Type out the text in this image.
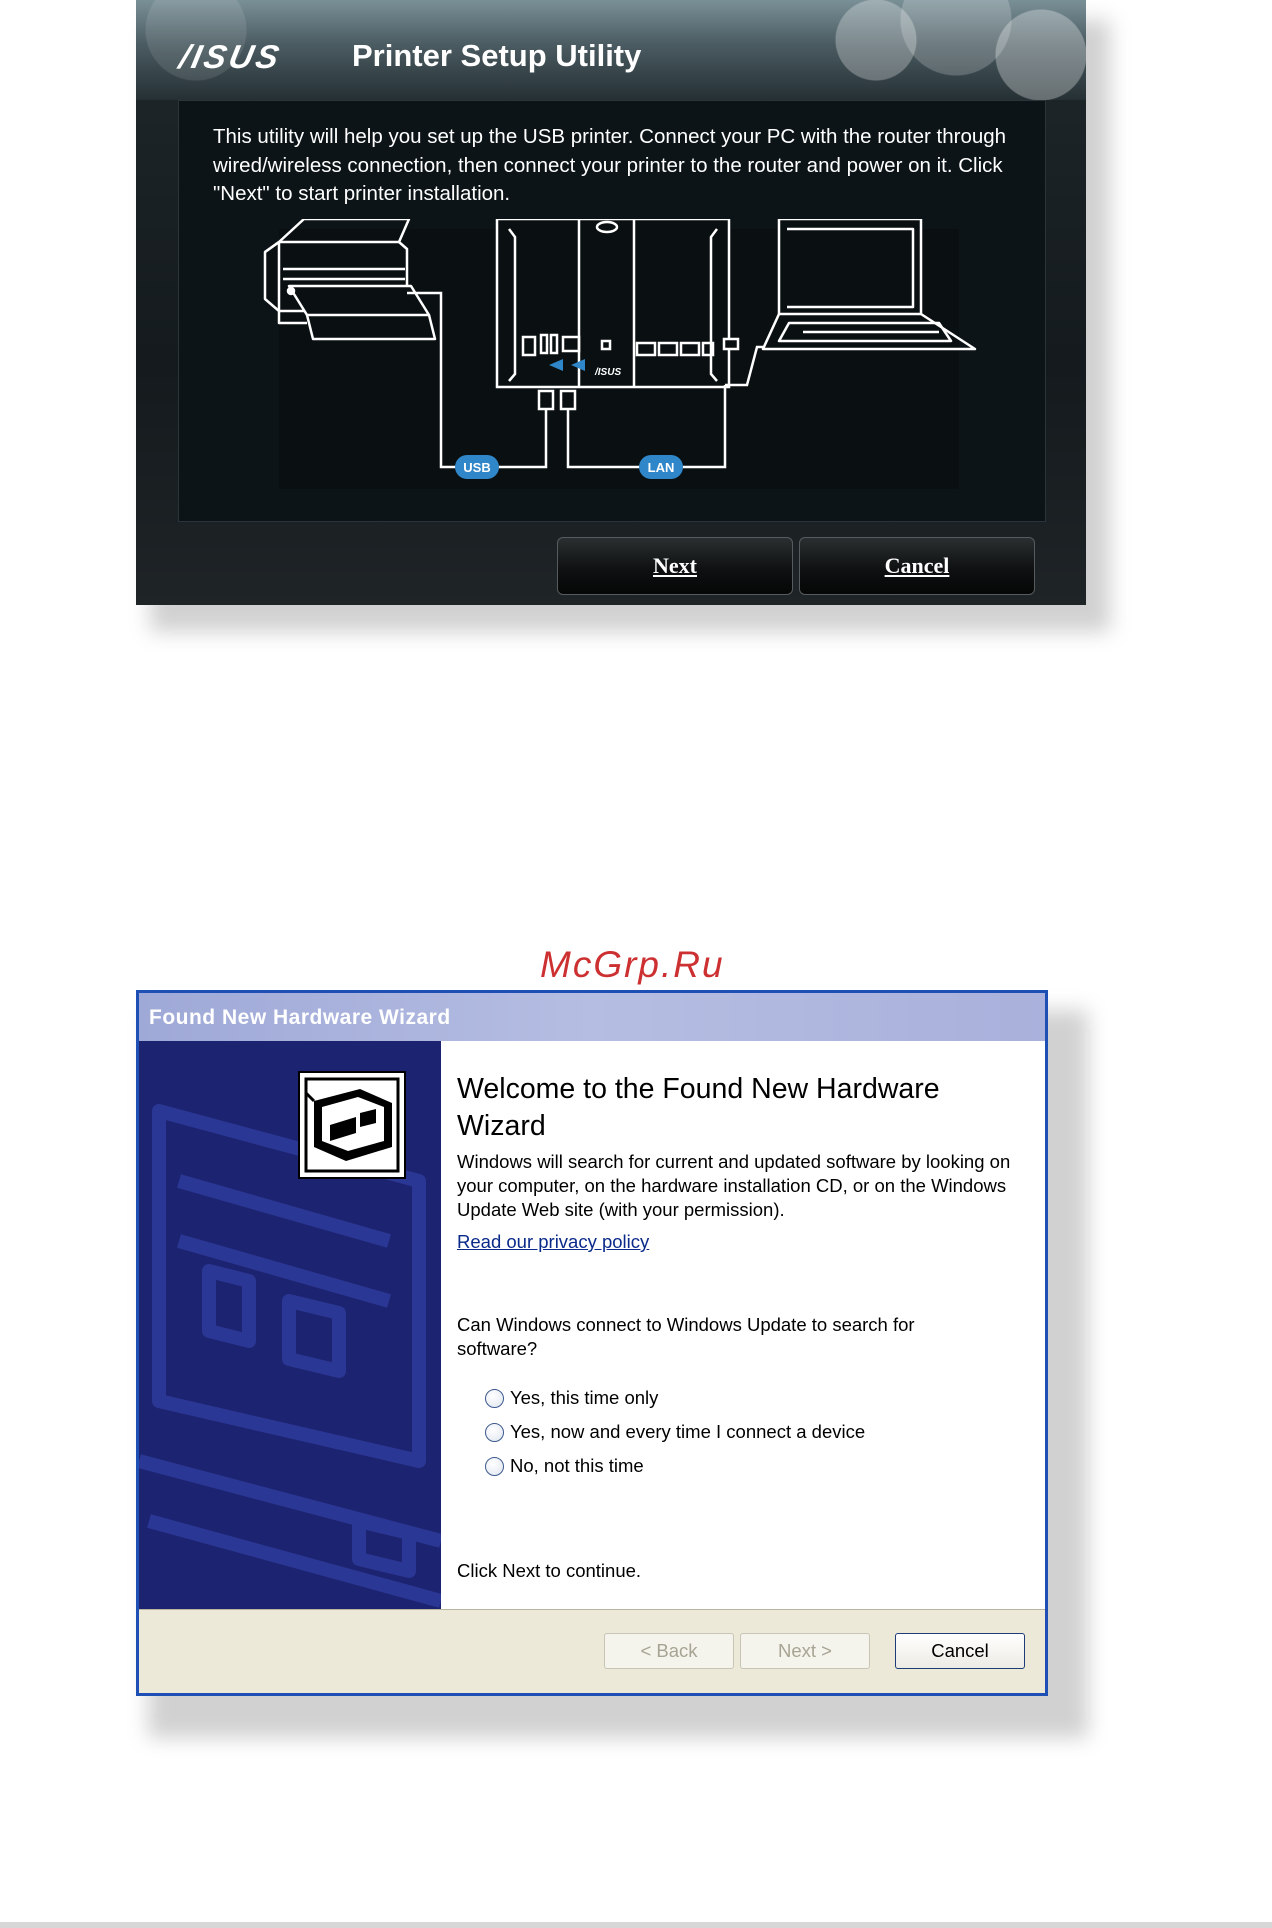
/ISUS Printer Setup Utility
This utility will help you set up the USB printer. Connect your PC with the router through wired/wireless connection, then connect your printer to the router and power on it. Click "Next" to start printer installation.
/ISUS
USB	LAN
Next	Cancel
McGrp.Ru
Found New Hardware Wizard
Welcome to the Found New Hardware Wizard
Windows will search for current and updated software by looking on your computer, on the hardware installation CD, or on the Windows Update Web site (with your permission).
Read our privacy policy
Can Windows connect to Windows Update to search for software?
Yes, this time only
Yes, now and every time I connect a device
No, not this time
Click Next to continue.
< Back	Next >	Cancel
